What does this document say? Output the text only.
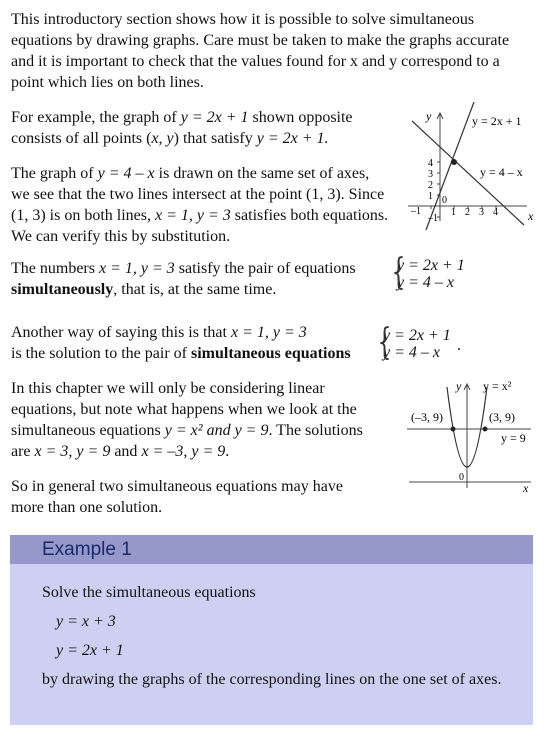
This introductory section shows how it is possible to solve simultaneous equations by drawing graphs. Care must be taken to make the graphs accurate and it is important to check that the values found for x and y correspond to a point which lies on both lines.

For example, the graph of y = 2x + 1 shown opposite consists of all points (x, y) that satisfy y = 2x + 1.

The graph of y = 4 – x is drawn on the same set of axes, we see that the two lines intersect at the point (1, 3). Since (1, 3) is on both lines, x = 1, y = 3 satisfies both equations. We can verify this by substitution.

y
x
y = 2x + 1
y = 4 – x
0
4
3
2
1
–1
–1	1 2 3 4
The numbers x = 1, y = 3 satisfy the pair of equations {
y = 2x + 1
y = 4 – x
simultaneously, that is, at the same time.
Another way of saying this is that x = 1, y = 3
is the solution to the pair of simultaneous equations {
y = 2x + 1
y = 4 – x	.

In this chapter we will only be considering linear equations, but note what happens when we look at the simultaneous equations y = x² and y = 9. The solutions are x = 3, y = 9 and x = –3, y = 9.

y y = x²
(–3, 9)	(3, 9)
y = 9
0
x

So in general two simultaneous equations may have more than one solution.

Example 1

Solve the simultaneous equations

y = x + 3

y = 2x + 1

by drawing the graphs of the corresponding lines on the one set of axes.
